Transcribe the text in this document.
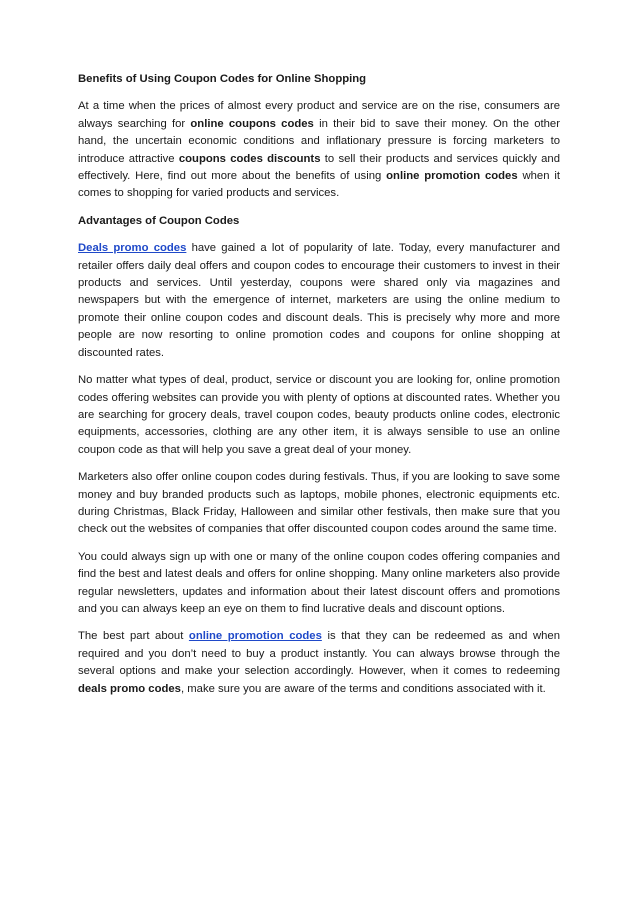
Benefits of Using Coupon Codes for Online Shopping

At a time when the prices of almost every product and service are on the rise, consumers are always searching for online coupons codes in their bid to save their money. On the other hand, the uncertain economic conditions and inflationary pressure is forcing marketers to introduce attractive coupons codes discounts to sell their products and services quickly and effectively. Here, find out more about the benefits of using online promotion codes when it comes to shopping for varied products and services.

Advantages of Coupon Codes

Deals promo codes have gained a lot of popularity of late. Today, every manufacturer and retailer offers daily deal offers and coupon codes to encourage their customers to invest in their products and services. Until yesterday, coupons were shared only via magazines and newspapers but with the emergence of internet, marketers are using the online medium to promote their online coupon codes and discount deals. This is precisely why more and more people are now resorting to online promotion codes and coupons for online shopping at discounted rates.

No matter what types of deal, product, service or discount you are looking for, online promotion codes offering websites can provide you with plenty of options at discounted rates. Whether you are searching for grocery deals, travel coupon codes, beauty products online codes, electronic equipments, accessories, clothing are any other item, it is always sensible to use an online coupon code as that will help you save a great deal of your money.

Marketers also offer online coupon codes during festivals. Thus, if you are looking to save some money and buy branded products such as laptops, mobile phones, electronic equipments etc. during Christmas, Black Friday, Halloween and similar other festivals, then make sure that you check out the websites of companies that offer discounted coupon codes around the same time.

You could always sign up with one or many of the online coupon codes offering companies and find the best and latest deals and offers for online shopping. Many online marketers also provide regular newsletters, updates and information about their latest discount offers and promotions and you can always keep an eye on them to find lucrative deals and discount options.

The best part about online promotion codes is that they can be redeemed as and when required and you don’t need to buy a product instantly. You can always browse through the several options and make your selection accordingly. However, when it comes to redeeming deals promo codes, make sure you are aware of the terms and conditions associated with it.
